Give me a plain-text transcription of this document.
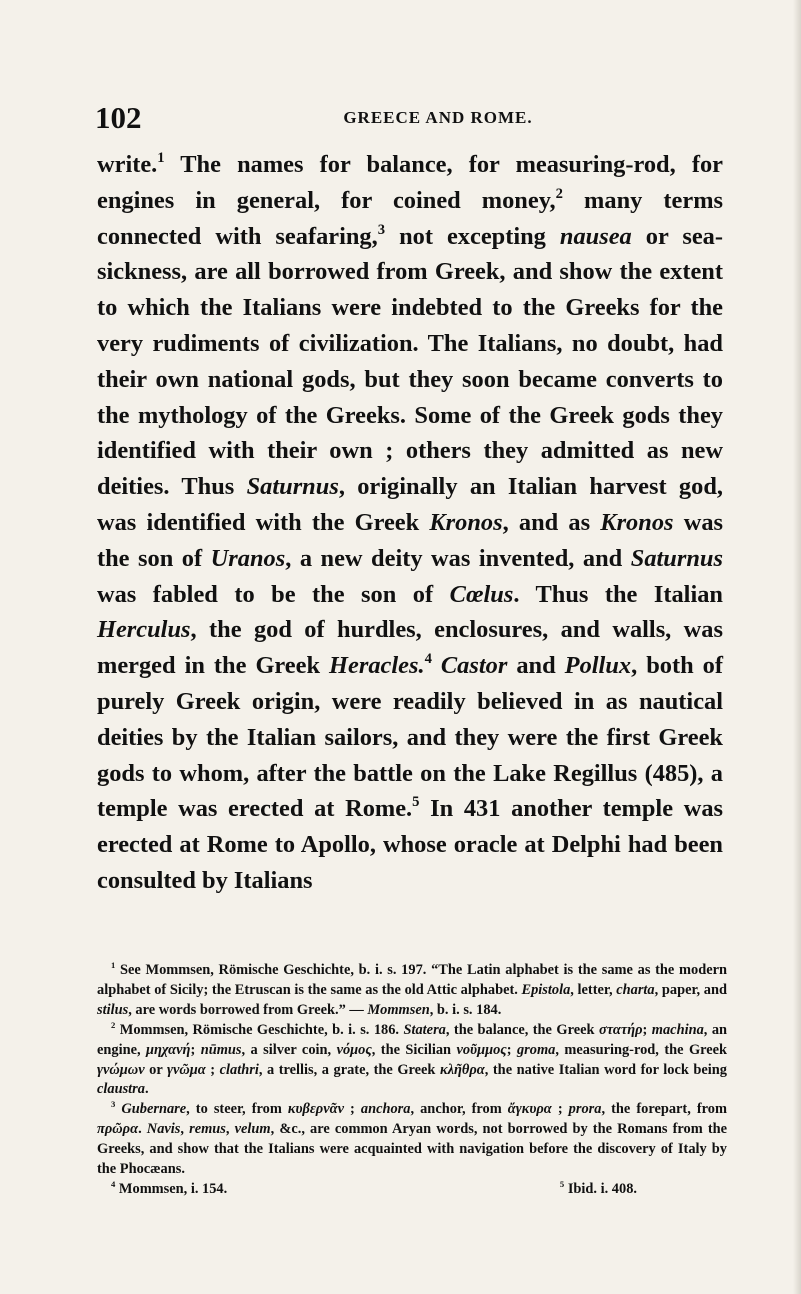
102	GREECE AND ROME.

write.$^1$ The names for balance, for measuring-rod, for engines in general, for coined money,$^2$ many terms connected with seafaring,$^3$ not excepting nausea or sea-sickness, are all borrowed from Greek, and show the extent to which the Italians were indebted to the Greeks for the very rudiments of civilization. The Italians, no doubt, had their own national gods, but they soon became converts to the mythology of the Greeks. Some of the Greek gods they identified with their own ; others they admitted as new deities. Thus Saturnus, originally an Italian harvest god, was identified with the Greek Kronos, and as Kronos was the son of Uranos, a new deity was invented, and Saturnus was fabled to be the son of Cœlus. Thus the Italian Herculus, the god of hurdles, enclosures, and walls, was merged in the Greek Heracles.$^4$ Castor and Pollux, both of purely Greek origin, were readily believed in as nautical deities by the Italian sailors, and they were the first Greek gods to whom, after the battle on the Lake Regillus (485), a temple was erected at Rome.$^5$ In 431 another temple was erected at Rome to Apollo, whose oracle at Delphi had been consulted by Italians

$^1$ See Mommsen, Römische Geschichte, b. i. s. 197. “The Latin alphabet is the same as the modern alphabet of Sicily; the Etruscan is the same as the old Attic alphabet. Epistola, letter, charta, paper, and stilus, are words borrowed from Greek.” — Mommsen, b. i. s. 184.

$^2$ Mommsen, Römische Geschichte, b. i. s. 186. Statera, the balance, the Greek στατήρ; machina, an engine, μηχανή; nūmus, a silver coin, νόμος, the Sicilian νοῦμμος; groma, measuring-rod, the Greek γνώμων or γνῶμα ; clathri, a trellis, a grate, the Greek κλῆθρα, the native Italian word for lock being claustra.

$^3$ Gubernare, to steer, from κυβερνᾶν ; anchora, anchor, from ἄγκυρα ; prora, the forepart, from πρῶρα. Navis, remus, velum, &c., are common Aryan words, not borrowed by the Romans from the Greeks, and show that the Italians were acquainted with navigation before the discovery of Italy by the Phocæans.

$^4$ Mommsen, i. 154.	$^5$ Ibid. i. 408.
